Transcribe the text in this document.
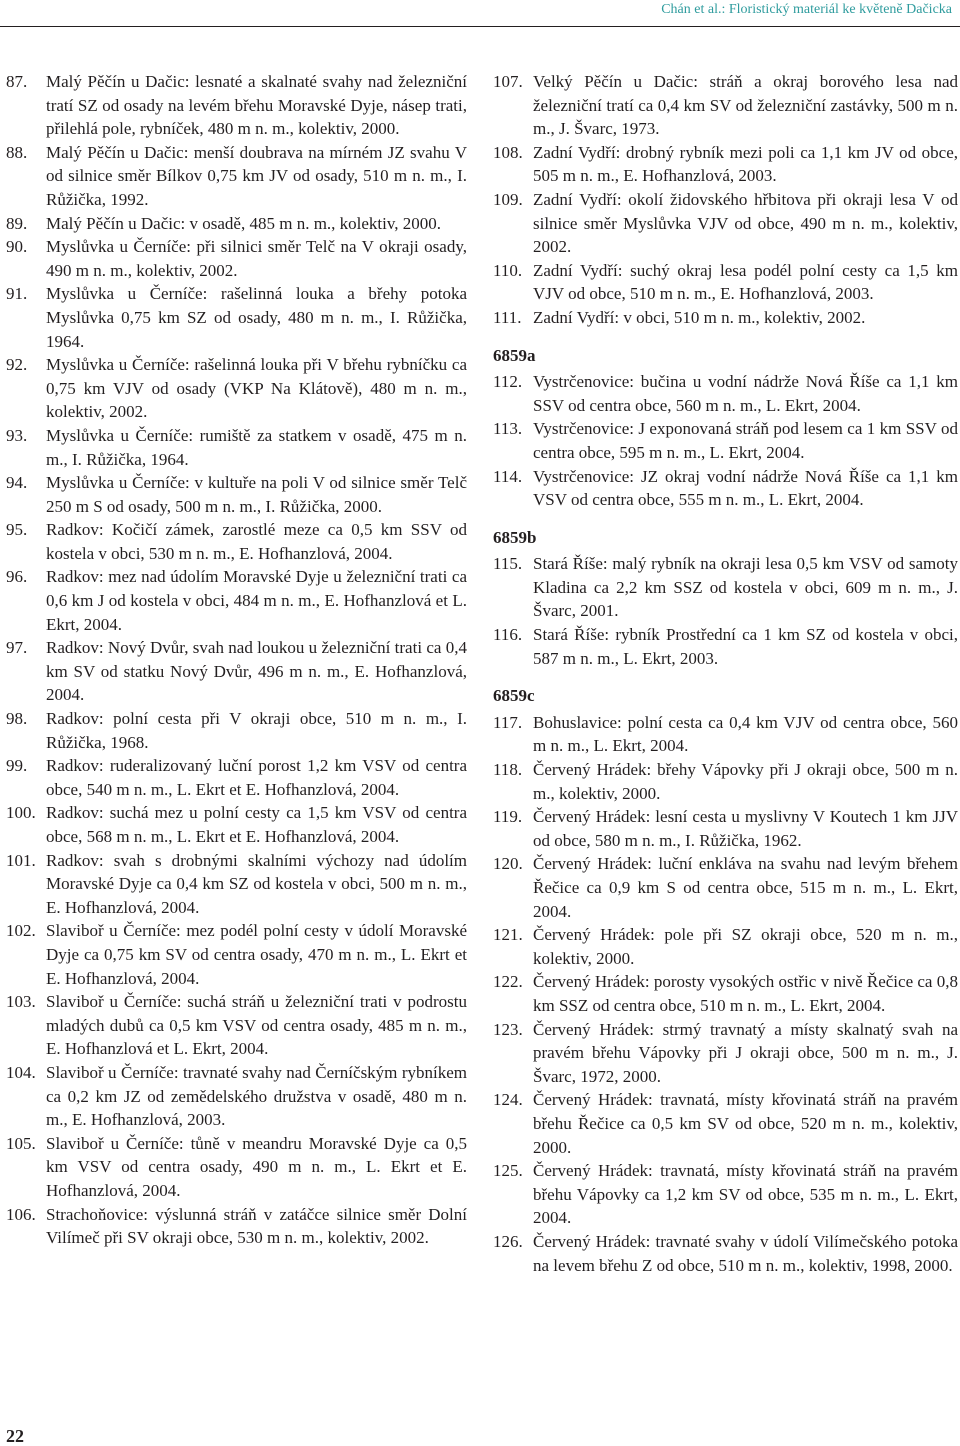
Chán et al.: Floristický materiál ke květeně Dačicka
87. Malý Pěčín u Dačic: lesnaté a skalnaté svahy nad železniční tratí SZ od osady na levém břehu Moravské Dyje, násep trati, přilehlá pole, rybníček, 480 m n. m., kolektiv, 2000.
88. Malý Pěčín u Dačic: menší doubrava na mírném JZ svahu V od silnice směr Bílkov 0,75 km JV od osady, 510 m n. m., I. Růžička, 1992.
89. Malý Pěčín u Dačic: v osadě, 485 m n. m., kolektiv, 2000.
90. Myslůvka u Černíče: při silnici směr Telč na V okraji osady, 490 m n. m., kolektiv, 2002.
91. Myslůvka u Černíče: rašelinná louka a břehy potoka Myslůvka 0,75 km SZ od osady, 480 m n. m., I. Růžička, 1964.
92. Myslůvka u Černíče: rašelinná louka při V břehu rybníčku ca 0,75 km VJV od osady (VKP Na Klátově), 480 m n. m., kolektiv, 2002.
93. Myslůvka u Černíče: rumiště za statkem v osadě, 475 m n. m., I. Růžička, 1964.
94. Myslůvka u Černíče: v kultuře na poli V od silnice směr Telč 250 m S od osady, 500 m n. m., I. Růžička, 2000.
95. Radkov: Kočičí zámek, zarostlé meze ca 0,5 km SSV od kostela v obci, 530 m n. m., E. Hofhanzlová, 2004.
96. Radkov: mez nad údolím Moravské Dyje u železniční trati ca 0,6 km J od kostela v obci, 484 m n. m., E. Hofhanzlová et L. Ekrt, 2004.
97. Radkov: Nový Dvůr, svah nad loukou u železniční trati ca 0,4 km SV od statku Nový Dvůr, 496 m n. m., E. Hofhanzlová, 2004.
98. Radkov: polní cesta při V okraji obce, 510 m n. m., I. Růžička, 1968.
99. Radkov: ruderalizovaný luční porost 1,2 km VSV od centra obce, 540 m n. m., L. Ekrt et E. Hofhanzlová, 2004.
100. Radkov: suchá mez u polní cesty ca 1,5 km VSV od centra obce, 568 m n. m., L. Ekrt et E. Hofhanzlová, 2004.
101. Radkov: svah s drobnými skalními výchozy nad údolím Moravské Dyje ca 0,4 km SZ od kostela v obci, 500 m n. m., E. Hofhanzlová, 2004.
102. Slaviboř u Černíče: mez podél polní cesty v údolí Moravské Dyje ca 0,75 km SV od centra osady, 470 m n. m., L. Ekrt et E. Hofhanzlová, 2004.
103. Slaviboř u Černíče: suchá stráň u železniční trati v podrostu mladých dubů ca 0,5 km VSV od centra osady, 485 m n. m., E. Hofhanzlová et L. Ekrt, 2004.
104. Slaviboř u Černíče: travnaté svahy nad Černíčským rybníkem ca 0,2 km JZ od zemědelského družstva v osadě, 480 m n. m., E. Hofhanzlová, 2003.
105. Slaviboř u Černíče: tůně v meandru Moravské Dyje ca 0,5 km VSV od centra osady, 490 m n. m., L. Ekrt et E. Hofhanzlová, 2004.
106. Strachoňovice: výslunná stráň v zatáčce silnice směr Dolní Vilímeč při SV okraji obce, 530 m n. m., kolektiv, 2002.
107. Velký Pěčín u Dačic: stráň a okraj borového lesa nad železniční tratí ca 0,4 km SV od železniční zastávky, 500 m n. m., J. Švarc, 1973.
108. Zadní Vydří: drobný rybník mezi poli ca 1,1 km JV od obce, 505 m n. m., E. Hofhanzlová, 2003.
109. Zadní Vydří: okolí židovského hřbitova při okraji lesa V od silnice směr Myslůvka VJV od obce, 490 m n. m., kolektiv, 2002.
110. Zadní Vydří: suchý okraj lesa podél polní cesty ca 1,5 km VJV od obce, 510 m n. m., E. Hofhanzlová, 2003.
111. Zadní Vydří: v obci, 510 m n. m., kolektiv, 2002.
6859a
112. Vystrčenovice: bučina u vodní nádrže Nová Říše ca 1,1 km SSV od centra obce, 560 m n. m., L. Ekrt, 2004.
113. Vystrčenovice: J exponovaná stráň pod lesem ca 1 km SSV od centra obce, 595 m n. m., L. Ekrt, 2004.
114. Vystrčenovice: JZ okraj vodní nádrže Nová Říše ca 1,1 km VSV od centra obce, 555 m n. m., L. Ekrt, 2004.
6859b
115. Stará Říše: malý rybník na okraji lesa 0,5 km VSV od samoty Kladina ca 2,2 km SSZ od kostela v obci, 609 m n. m., J. Švarc, 2001.
116. Stará Říše: rybník Prostřední ca 1 km SZ od kostela v obci, 587 m n. m., L. Ekrt, 2003.
6859c
117. Bohuslavice: polní cesta ca 0,4 km VJV od centra obce, 560 m n. m., L. Ekrt, 2004.
118. Červený Hrádek: břehy Vápovky při J okraji obce, 500 m n. m., kolektiv, 2000.
119. Červený Hrádek: lesní cesta u myslivny V Koutech 1 km JJV od obce, 580 m n. m., I. Růžička, 1962.
120. Červený Hrádek: luční enkláva na svahu nad levým břehem Řečice ca 0,9 km S od centra obce, 515 m n. m., L. Ekrt, 2004.
121. Červený Hrádek: pole při SZ okraji obce, 520 m n. m., kolektiv, 2000.
122. Červený Hrádek: porosty vysokých ostřic v nivě Řečice ca 0,8 km SSZ od centra obce, 510 m n. m., L. Ekrt, 2004.
123. Červený Hrádek: strmý travnatý a místy skalnatý svah na pravém břehu Vápovky při J okraji obce, 500 m n. m., J. Švarc, 1972, 2000.
124. Červený Hrádek: travnatá, místy křovinatá stráň na pravém břehu Řečice ca 0,5 km SV od obce, 520 m n. m., kolektiv, 2000.
125. Červený Hrádek: travnatá, místy křovinatá stráň na pravém břehu Vápovky ca 1,2 km SV od obce, 535 m n. m., L. Ekrt, 2004.
126. Červený Hrádek: travnaté svahy v údolí Vilímečského potoka na levem břehu Z od obce, 510 m n. m., kolektiv, 1998, 2000.
22
